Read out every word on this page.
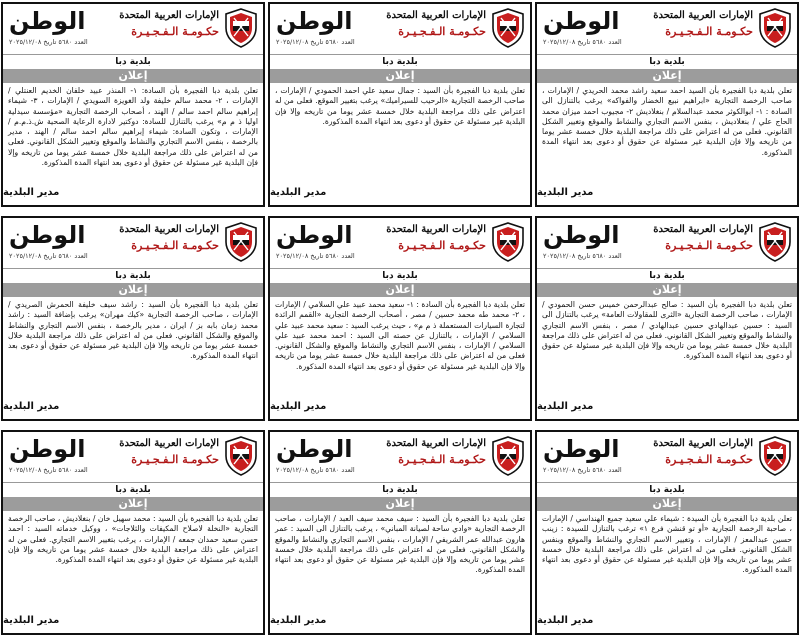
الإمارات العربية المتحدة
حكـومـة الـفـجـيـرة
الوطن
العدد ٥٦٨٠ تاريخ ٢٠٢٥/١٢/٠٨
بلدية دبا
إعلان
تعلن بلدية دبا الفجيرة بأن السادة: ١- المنذر عبيد خلفان الخديم العنتلي / الإمارات ، ٢- محمد سالم خليفة ولد الغويزة السويدي / الإمارات ، ٣- شيماء إبراهيم سالم احمد سالم / الهند ، أصحاب الرخصة التجارية «مؤسسة سيدلية اوليا ذ م م» يرغب بالتنازل للسادة: دوكتير لادارة الرعاية الصحية ش.ذ.م.م / الإمارات ، وتكون السادة: شيماء إبراهيم سالم احمد سالم / الهند ، مدير بالرخصة ، بنفس الاسم التجاري والنشاط والموقع وتغيير الشكل القانوني. فعلى من له اعتراض على ذلك مراجعة البلدية خلال خمسة عشر يوما من تاريخه وإلا فإن البلدية غير مسئولة عن حقوق أو دعوى بعد انتهاء المدة المذكورة.
مدير البلدية
الإمارات العربية المتحدة
حكـومـة الـفـجـيـرة
الوطن
العدد ٥٦٨٠ تاريخ ٢٠٢٥/١٢/٠٨
بلدية دبا
إعلان
تعلن بلدية دبا الفجيرة بأن السيد : جمال سعيد علي احمد الحمودي / الإمارات ، صاحب الرخصة التجارية «الرحيب للسيراميك» يرغب بتغيير الموقع. فعلى من له اعتراض على ذلك مراجعة البلدية خلال خمسة عشر يوما من تاريخه وإلا فإن البلدية غير مسئولة عن حقوق أو دعوى بعد انتهاء المدة المذكورة.
مدير البلدية
الإمارات العربية المتحدة
حكـومـة الـفـجـيـرة
الوطن
العدد ٥٦٨٠ تاريخ ٢٠٢٥/١٢/٠٨
بلدية دبا
إعلان
تعلن بلدية دبا الفجيرة بأن السيد احمد سعيد راشد محمد الحريدي / الإمارات ، صاحب الرخصة التجارية «ابراهيم نبيع الخضار والفواكه» يرغب بالتنازل الى السادة : ١- ابوالكوثر محمد عبدالسلام / بنغلاديش ٢- مجيوب احمد ميزان محمد الحاج علي / بنغلاديش ، بنفس الاسم التجاري والنشاط والموقع وتغيير الشكل القانوني. فعلى من له اعتراض على ذلك مراجعة البلدية خلال خمسة عشر يوما من تاريخه وإلا فإن البلدية غير مسئولة عن حقوق أو دعوى بعد انتهاء المدة المذكورة.
مدير البلدية
الإمارات العربية المتحدة
حكـومـة الـفـجـيـرة
الوطن
العدد ٥٦٨٠ تاريخ ٢٠٢٥/١٢/٠٨
بلدية دبا
إعلان
تعلن بلدية دبا الفجيرة بأن السيد : راشد سيف خليفة الحمرش الصريدي / الإمارات ، صاحب الرخصة التجارية «كيك مهران» يرغب بإضافة السيد : راشد محمد زمان بابه بز / ايران ، مدير بالرخصة ، بنفس الاسم التجاري والنشاط والموقع والشكل القانوني. فعلى من له اعتراض على ذلك مراجعة البلدية خلال خمسة عشر يوما من تاريخه وإلا فإن البلدية غير مسئولة عن حقوق أو دعوى بعد انتهاء المدة المذكورة.
مدير البلدية
الإمارات العربية المتحدة
حكـومـة الـفـجـيـرة
الوطن
العدد ٥٦٨٠ تاريخ ٢٠٢٥/١٢/٠٨
بلدية دبا
إعلان
تعلن بلدية دبا الفجيرة بأن السادة : ١- سعيد محمد عبيد علي السلامي / الإمارات ، ٢- محمد طه محمد حسين / مصر ، أصحاب الرخصة التجارية «القمم الرائدة لتجارة السيارات المستعملة ذ م م» ، حيث يرغب السيد : سعيد محمد عبيد علي السلامي / الإمارات ، بالتنازل عن حصته الى السيد : احمد محمد عبيد علي السلامي / الإمارات ، بنفس الاسم التجاري والنشاط والموقع والشكل القانوني. فعلى من له اعتراض على ذلك مراجعة البلدية خلال خمسة عشر يوما من تاريخه وإلا فإن البلدية غير مسئولة عن حقوق أو دعوى بعد انتهاء المدة المذكورة.
مدير البلدية
الإمارات العربية المتحدة
حكـومـة الـفـجـيـرة
الوطن
العدد ٥٦٨٠ تاريخ ٢٠٢٥/١٢/٠٨
بلدية دبا
إعلان
تعلن بلدية دبا الفجيرة بأن السيد : صالح عبدالرحمن خميس حسن الحمودي / الإمارات ، صاحب الرخصة التجارية «الثرى للمقاولات العامة» يرغب بالتنازل الى السيد : حسين عبدالهادي حسين عبدالهادي / مصر ، بنفس الاسم التجاري والنشاط والموقع وتغيير الشكل القانوني. فعلى من له اعتراض على ذلك مراجعة البلدية خلال خمسة عشر يوما من تاريخه وإلا فإن البلدية غير مسئولة عن حقوق أو دعوى بعد انتهاء المدة المذكورة.
مدير البلدية
الإمارات العربية المتحدة
حكـومـة الـفـجـيـرة
الوطن
العدد ٥٦٨٠ تاريخ ٢٠٢٥/١٢/٠٨
بلدية دبا
إعلان
تعلن بلدية دبا الفجيرة بأن السيد : محمد سهيل خان / بنغلاديش ، صاحب الرخصة التجارية «النخلة لاصلاح المكيفات والثلاجات» ، ووكيل خدماته السيد : احمد حسن سعيد حمدان جمعه / الإمارات ، يرغب بتغيير الاسم التجاري. فعلى من له اعتراض على ذلك مراجعة البلدية خلال خمسة عشر يوما من تاريخه وإلا فإن البلدية غير مسئولة عن حقوق أو دعوى بعد انتهاء المدة المذكورة.
مدير البلدية
الإمارات العربية المتحدة
حكـومـة الـفـجـيـرة
الوطن
العدد ٥٦٨٠ تاريخ ٢٠٢٥/١٢/٠٨
بلدية دبا
إعلان
تعلن بلدية دبا الفجيرة بأن السيد : سيف محمد سيف العبد / الإمارات ، صاحب الرخصة التجارية «وادي ساحة لصيانة المباني» ، يرغب بالتنازل الى السيد : عمر هارون عبدالله عمر الشريفي / الإمارات ، بنفس الاسم التجاري والنشاط والموقع والشكل القانوني. فعلى من له اعتراض على ذلك مراجعة البلدية خلال خمسة عشر يوما من تاريخه وإلا فإن البلدية غير مسئولة عن حقوق أو دعوى بعد انتهاء المدة المذكورة.
مدير البلدية
الإمارات العربية المتحدة
حكـومـة الـفـجـيـرة
الوطن
العدد ٥٦٨٠ تاريخ ٢٠٢٥/١٢/٠٨
بلدية دبا
إعلان
تعلن بلدية دبا الفجيرة بأن السيدة : شيماء علي سعيد جميع الهنداسي / الإمارات ، صاحبة الرخصة التجارية «أو تو قنشن فرع ١» ترغب بالتنازل للسيدة : زينب حسين عبدالمعز / الإمارات ، وتغيير الاسم التجاري والنشاط والموقع وبنفس الشكل القانوني. فعلى من له اعتراض على ذلك مراجعة البلدية خلال خمسة عشر يوما من تاريخه وإلا فإن البلدية غير مسئولة عن حقوق أو دعوى بعد انتهاء المدة المذكورة.
مدير البلدية
